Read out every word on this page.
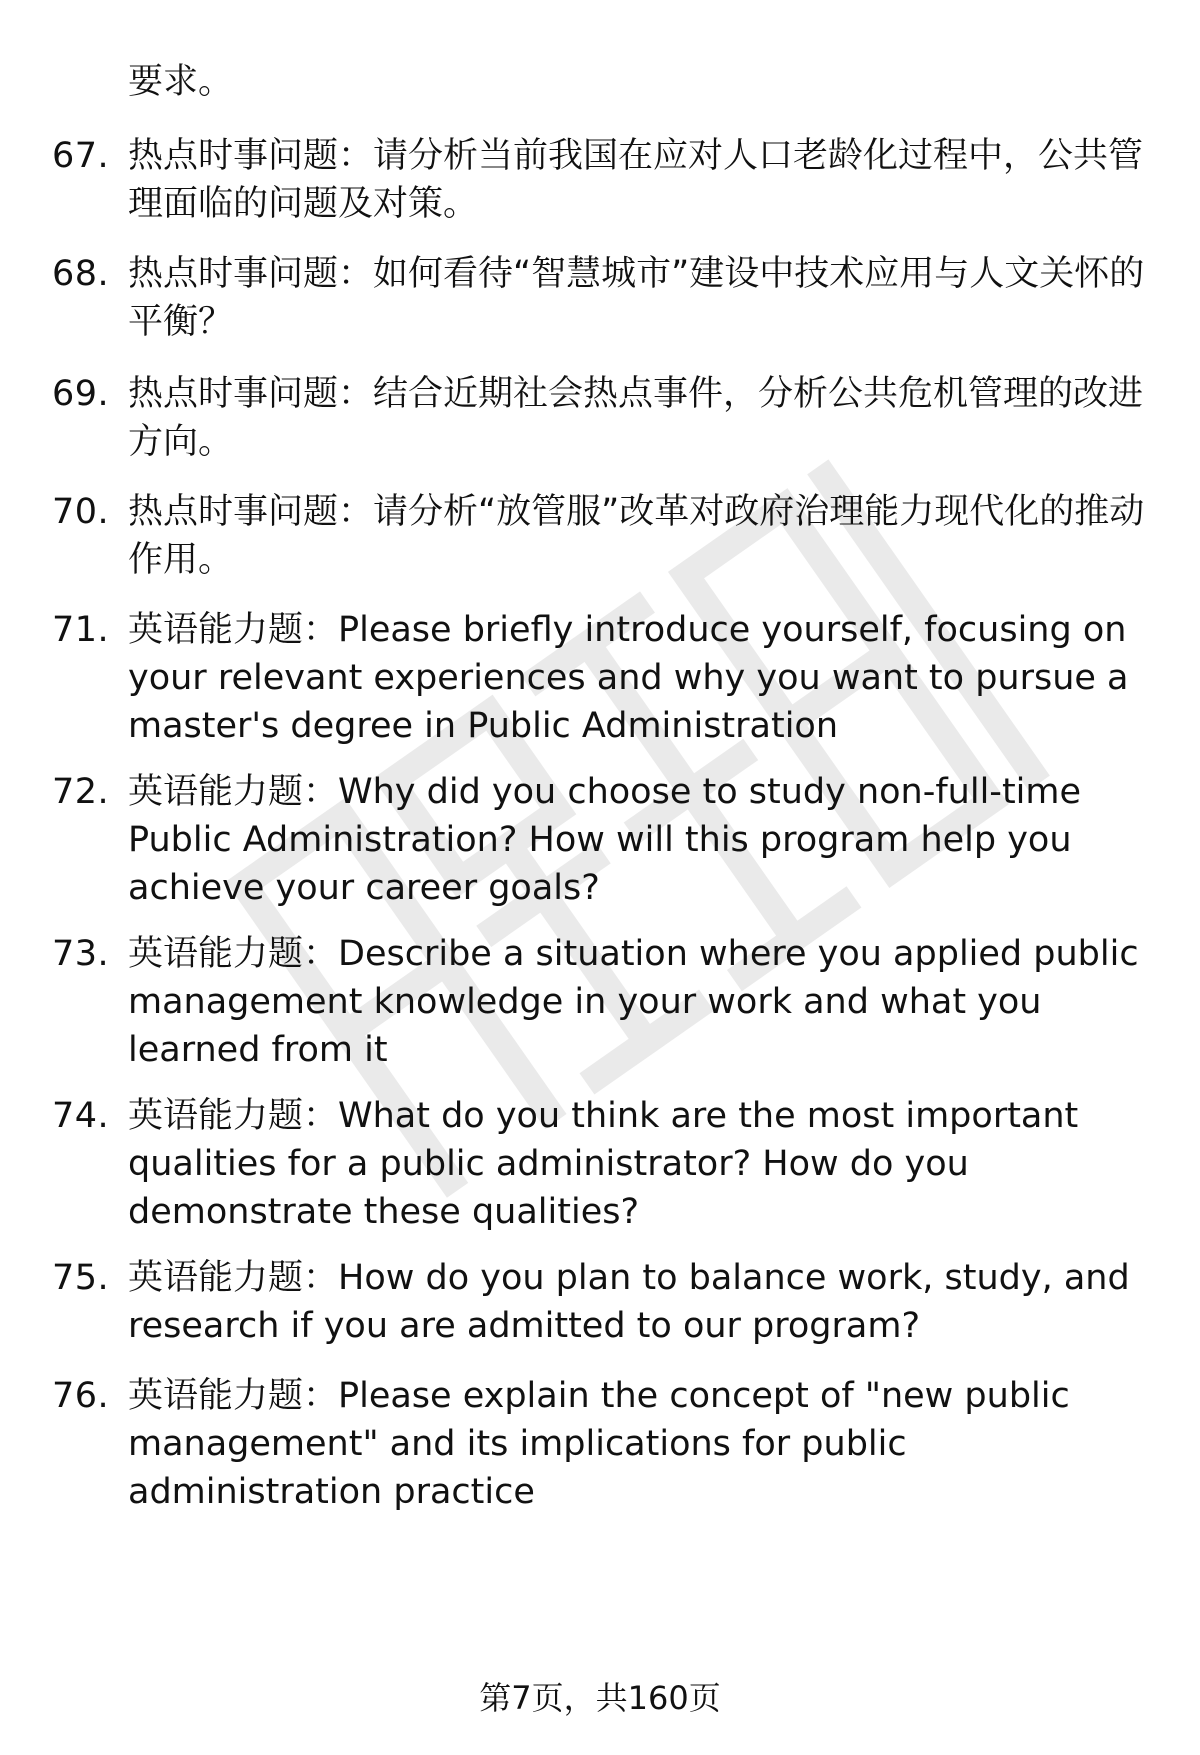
要求。
67. 热点时事问题：请分析当前我国在应对人口老龄化过程中，公共管理面临的问题及对策。
68. 热点时事问题：如何看待“智慧城市”建设中技术应用与人文关怀的平衡？
69. 热点时事问题：结合近期社会热点事件，分析公共危机管理的改进方向。
70. 热点时事问题：请分析“放管服”改革对政府治理能力现代化的推动作用。
71. 英语能力题：Please briefly introduce yourself, focusing on your relevant experiences and why you want to pursue a master's degree in Public Administration
72. 英语能力题：Why did you choose to study non-full-time Public Administration? How will this program help you achieve your career goals?
73. 英语能力题：Describe a situation where you applied public management knowledge in your work and what you learned from it
74. 英语能力题：What do you think are the most important qualities for a public administrator? How do you demonstrate these qualities?
75. 英语能力题：How do you plan to balance work, study, and research if you are admitted to our program?
76. 英语能力题：Please explain the concept of "new public management" and its implications for public administration practice
第7页，共160页
